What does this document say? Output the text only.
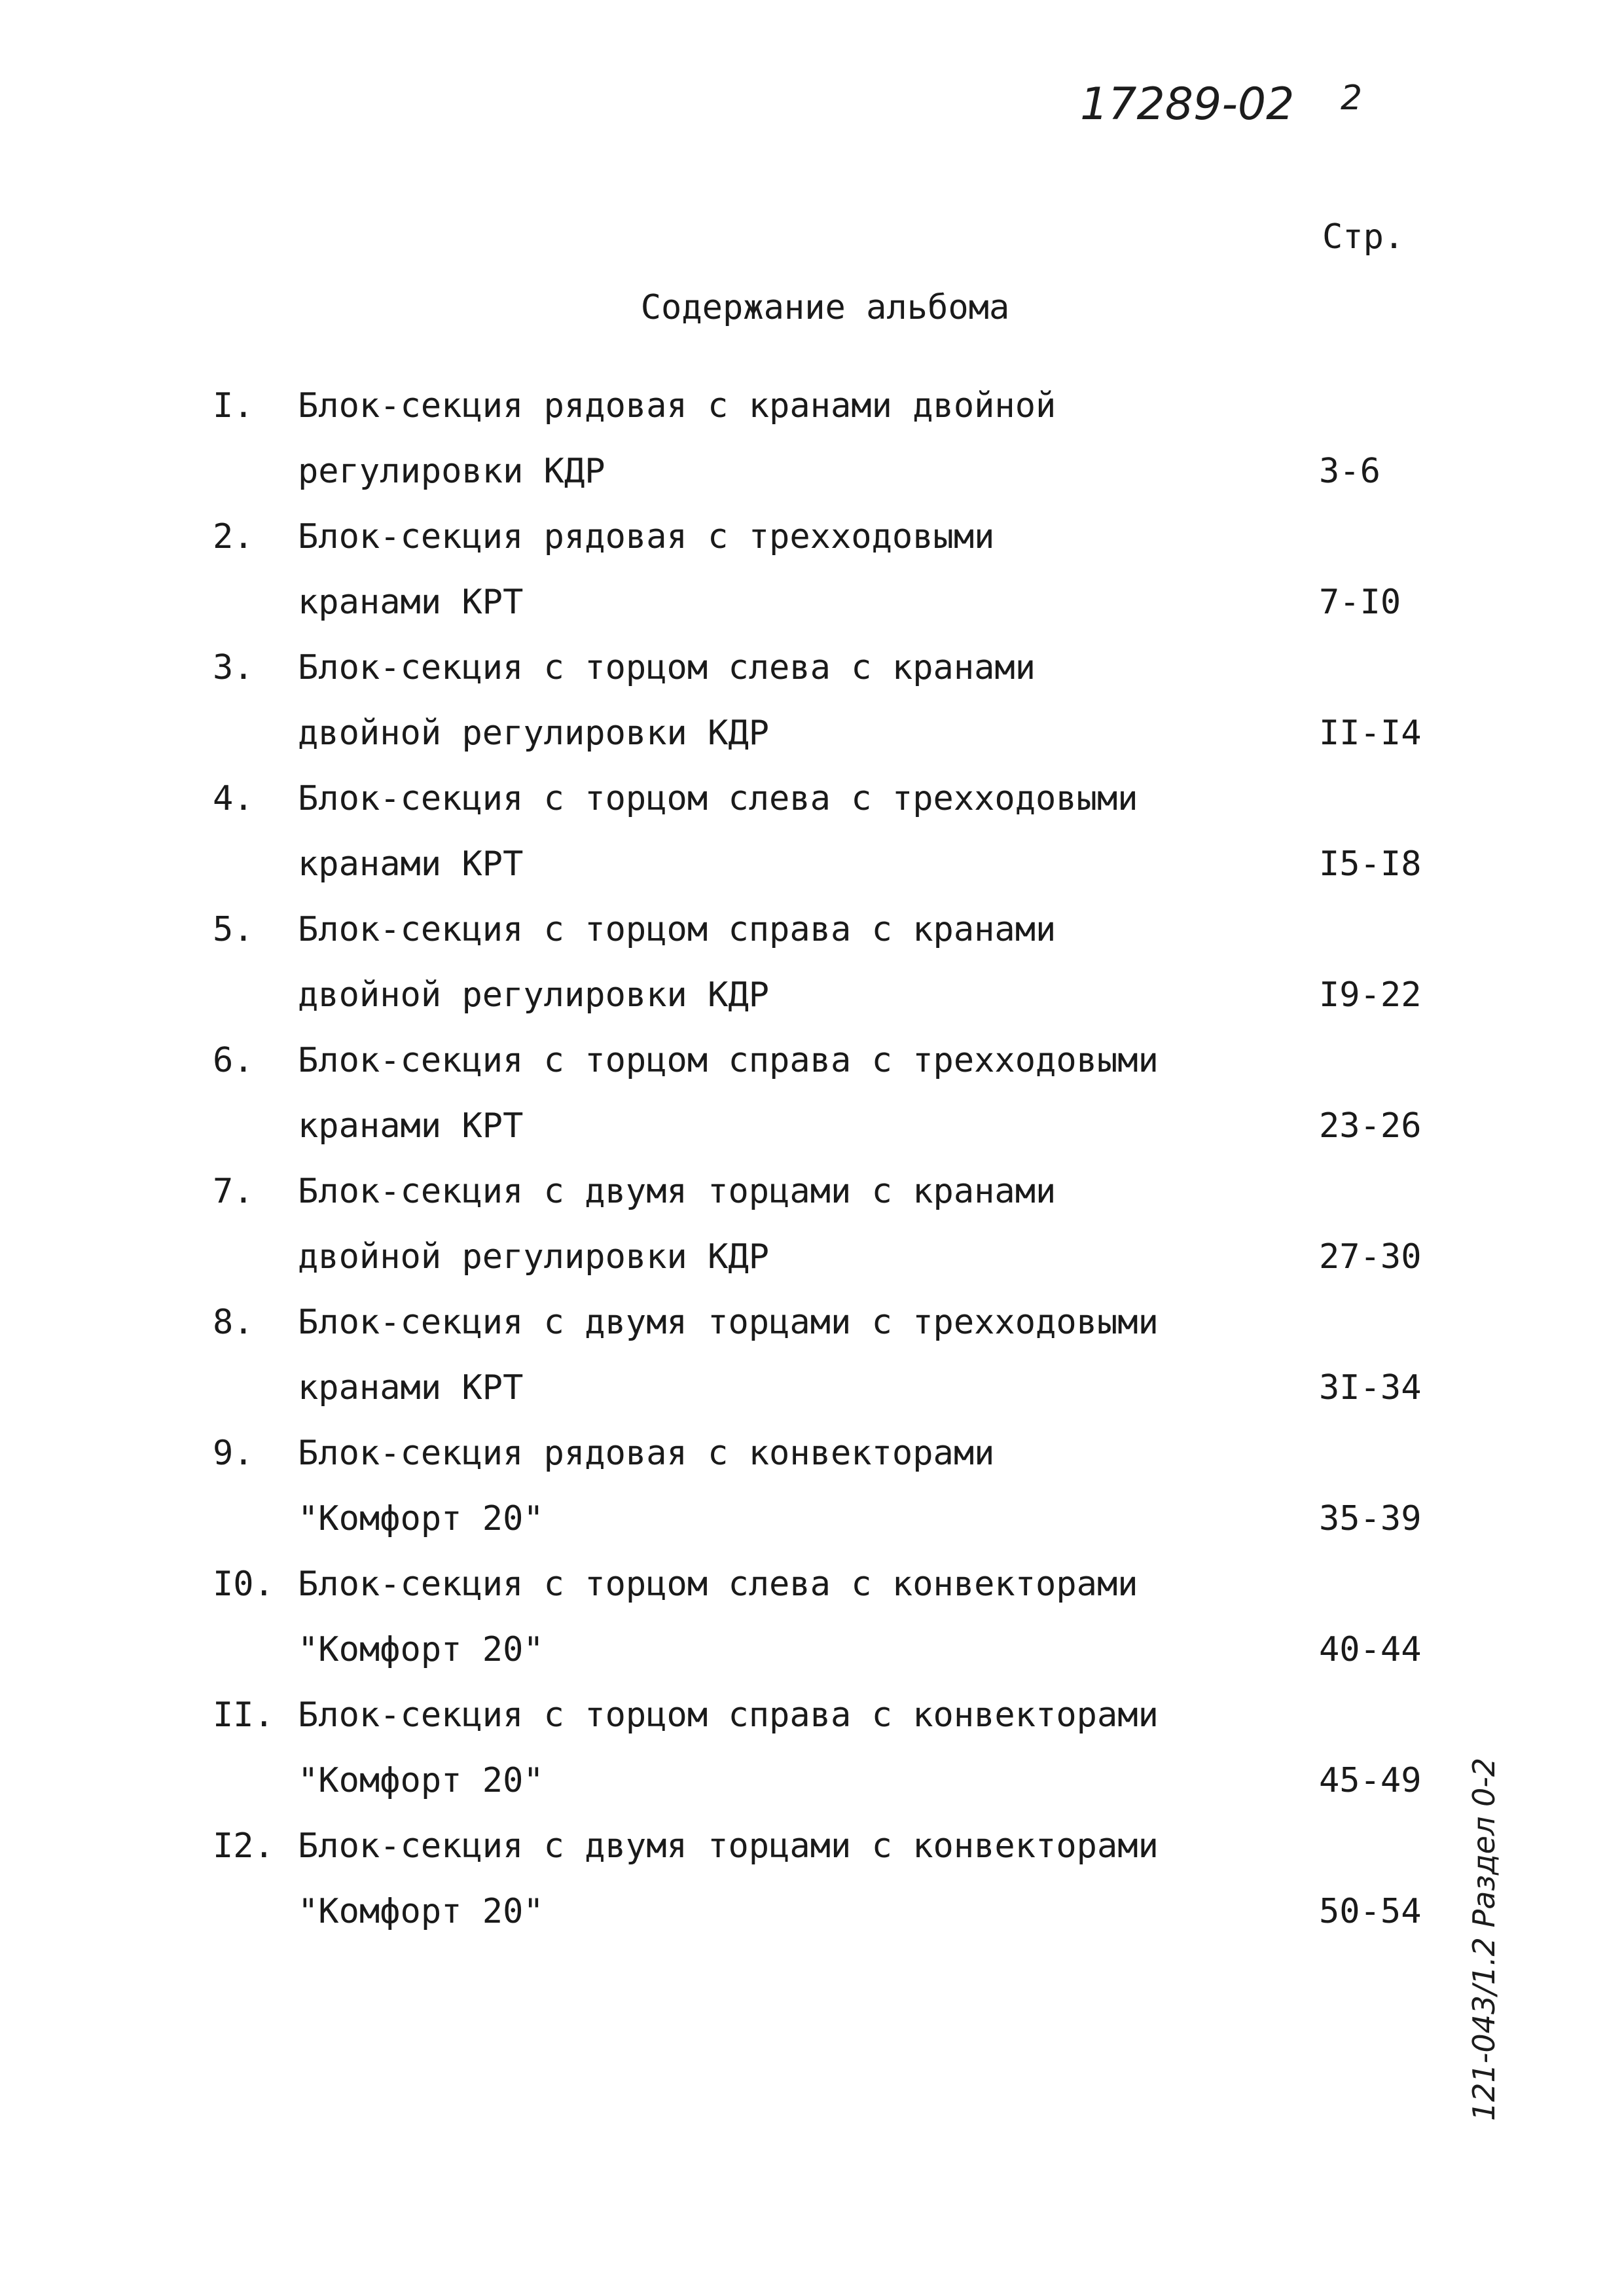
17289-02 2
Стр.
Содержание альбома
I.	Блок-секция рядовая с кранами двойной
регулировки КДР	3-6
2.	Блок-секция рядовая с трехходовыми
кранами КРТ	7-I0
3.	Блок-секция с торцом слева с кранами
двойной регулировки КДР	II-I4
4.	Блок-секция с торцом слева с трехходовыми
кранами КРТ	I5-I8
5.	Блок-секция с торцом справа с кранами
двойной регулировки КДР	I9-22
6.	Блок-секция с торцом справа с трехходовыми
кранами КРТ	23-26
7.	Блок-секция с двумя торцами с кранами
двойной регулировки КДР	27-30
8.	Блок-секция с двумя торцами с трехходовыми
кранами КРТ	3I-34
9.	Блок-секция рядовая с конвекторами
"Комфорт 20"	35-39
I0. Блок-секция с торцом слева с конвекторами
"Комфорт 20"	40-44
II. Блок-секция с торцом справа с конвекторами
"Комфорт 20"	45-49
I2. Блок-секция с двумя торцами с конвекторами
"Комфорт 20"	50-54 121-043/1.2 Раздел 0-2
